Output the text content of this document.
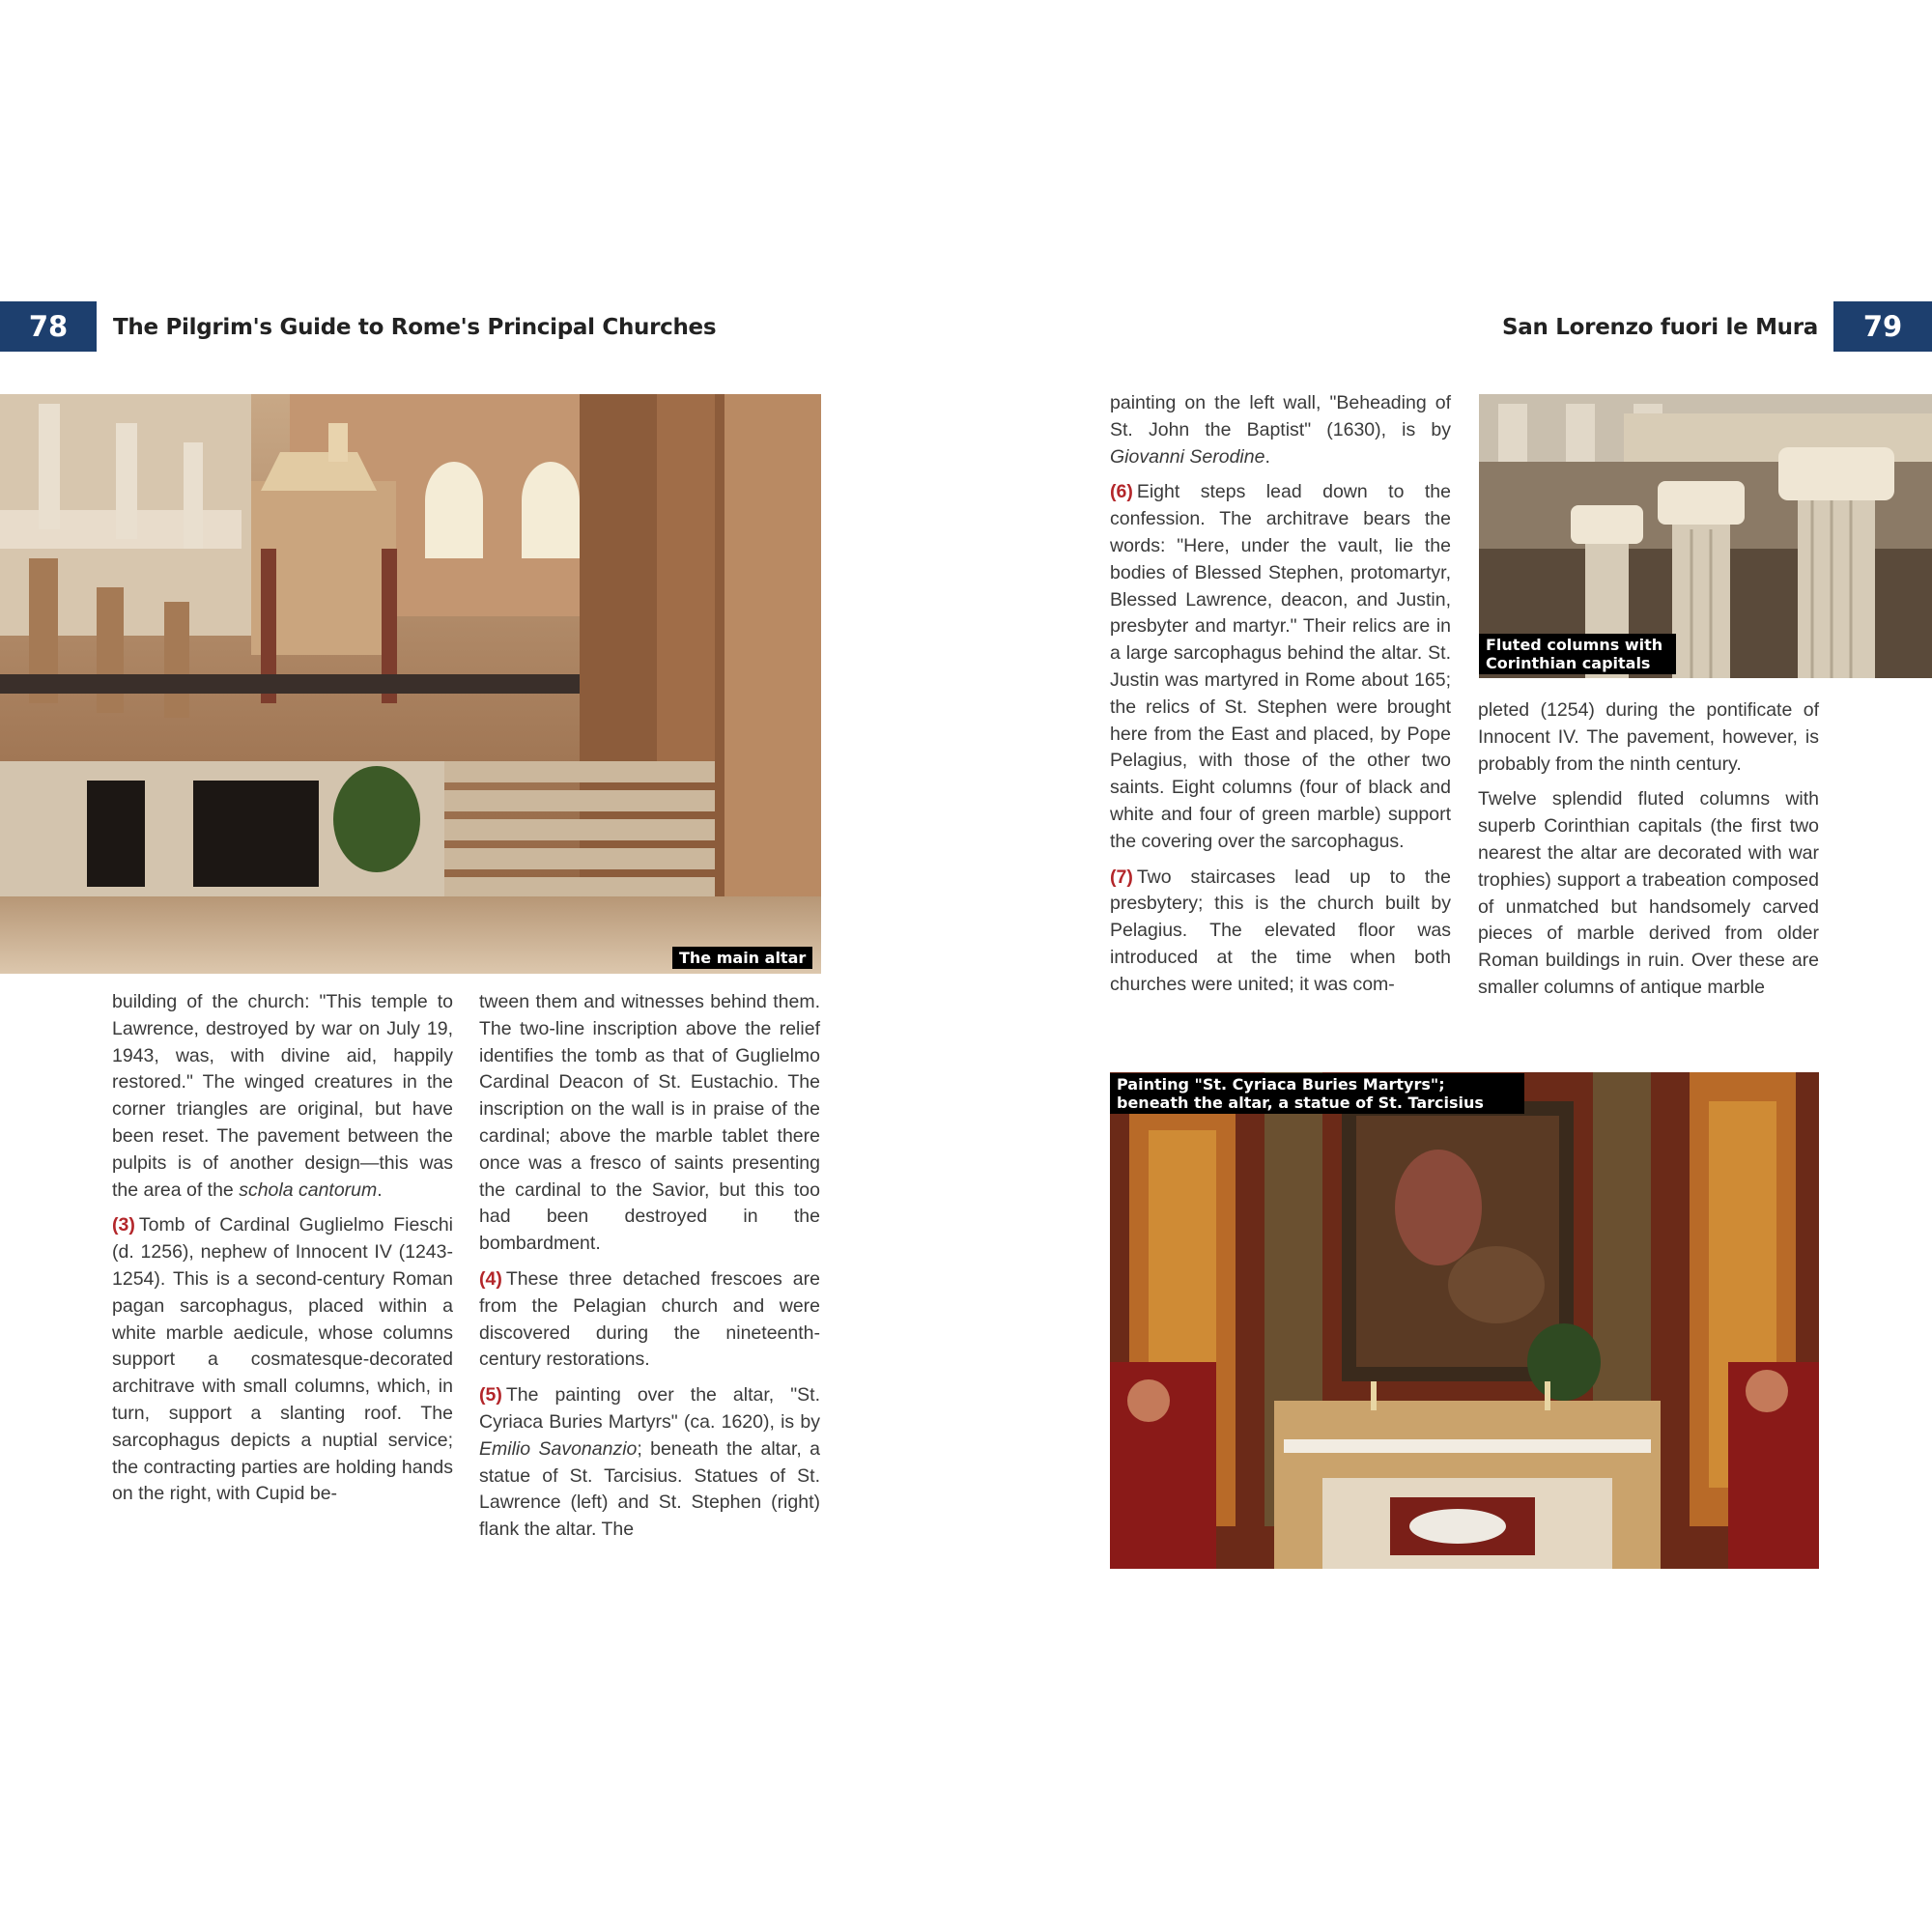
78	The Pilgrim's Guide to Rome's Principal Churches	San Lorenzo fuori le Mura	79
The main altar

building of the church: "This temple to Lawrence, destroyed by war on July 19, 1943, was, with divine aid, happily restored." The winged creatures in the corner triangles are original, but have been reset. The pavement between the pulpits is of another design—this was the area of the schola cantorum.

(3) Tomb of Cardinal Guglielmo Fieschi (d. 1256), nephew of Innocent IV (1243-1254). This is a second-century Roman pagan sarcophagus, placed within a white marble aedicule, whose columns support a cosmatesque-decorated architrave with small columns, which, in turn, support a slanting roof. The sarcophagus depicts a nuptial service; the contracting parties are holding hands on the right, with Cupid be-

tween them and witnesses behind them. The two-line inscription above the relief identifies the tomb as that of Guglielmo Cardinal Deacon of St. Eustachio. The inscription on the wall is in praise of the cardinal; above the marble tablet there once was a fresco of saints presenting the cardinal to the Savior, but this too had been destroyed in the bombardment.

(4) These three detached frescoes are from the Pelagian church and were discovered during the nineteenth-century restorations.

(5) The painting over the altar, "St. Cyriaca Buries Martyrs" (ca. 1620), is by Emilio Savonanzio; beneath the altar, a statue of St. Tarcisius. Statues of St. Lawrence (left) and St. Stephen (right) flank the altar. The

painting on the left wall, "Beheading of St. John the Baptist" (1630), is by Giovanni Serodine.

(6) Eight steps lead down to the confession. The architrave bears the words: "Here, under the vault, lie the bodies of Blessed Stephen, protomartyr, Blessed Lawrence, deacon, and Justin, presbyter and martyr." Their relics are in a large sarcophagus behind the altar. St. Justin was martyred in Rome about 165; the relics of St. Stephen were brought here from the East and placed, by Pope Pelagius, with those of the other two saints. Eight columns (four of black and white and four of green marble) support the covering over the sarcophagus.

(7) Two staircases lead up to the presbytery; this is the church built by Pelagius. The elevated floor was introduced at the time when both churches were united; it was com-

Fluted columns with Corinthian capitals

pleted (1254) during the pontificate of Innocent IV. The pavement, however, is probably from the ninth century.

Twelve splendid fluted columns with superb Corinthian capitals (the first two nearest the altar are decorated with war trophies) support a trabeation composed of unmatched but handsomely carved pieces of marble derived from older Roman buildings in ruin. Over these are smaller columns of antique marble

Painting "St. Cyriaca Buries Martyrs";
beneath the altar, a statue of St. Tarcisius
